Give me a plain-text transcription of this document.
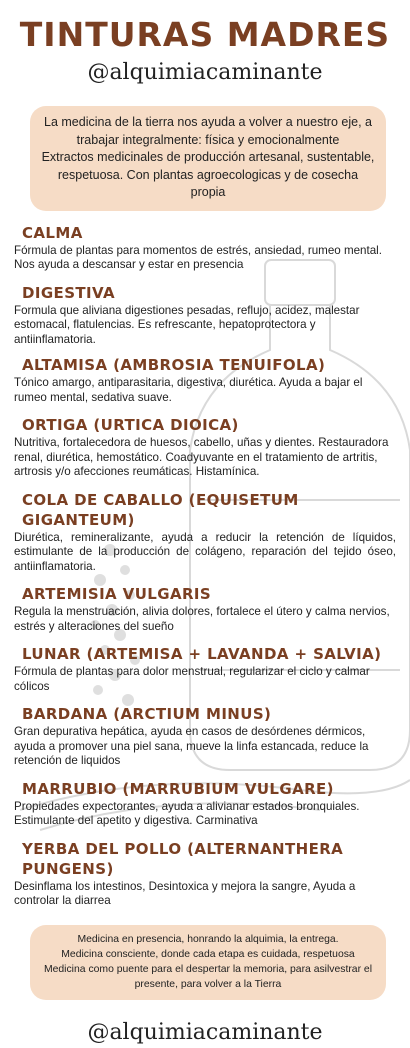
TINTURAS MADRES
@alquimiacaminante
La medicina de la tierra nos ayuda a volver a nuestro eje, a trabajar integralmente: física y emocionalmente
Extractos medicinales de producción artesanal, sustentable, respetuosa. Con plantas agroecologicas y de cosecha propia
CALMA
Fórmula de plantas para momentos de estrés, ansiedad, rumeo mental. Nos ayuda a descansar y estar en presencia
DIGESTIVA
Formula que aliviana digestiones pesadas, reflujo, acidez, malestar estomacal, flatulencias. Es refrescante, hepatoprotectora y antiinflamatoria.
ALTAMISA (AMBROSIA TENUIFOLA)
Tónico amargo, antiparasitaria, digestiva, diurética. Ayuda a bajar el rumeo mental, sedativa suave.
ORTIGA (URTICA DIOICA)
Nutritiva, fortalecedora de huesos, cabello, uñas y dientes. Restauradora renal, diurética, hemostático. Coadyuvante en el tratamiento de artritis, artrosis y/o afecciones reumáticas. Histamínica.
COLA DE CABALLO (EQUISETUM GIGANTEUM)
Diurética, remineralizante, ayuda a reducir la retención de líquidos, estimulante de la producción de colágeno, reparación del tejido óseo, antiinflamatoria.
ARTEMISIA VULGARIS
Regula la menstruación, alivia dolores, fortalece el útero y calma nervios, estrés y alteraciones del sueño
LUNAR (ARTEMISA + LAVANDA + SALVIA)
Fórmula de plantas para dolor menstrual, regularizar el ciclo y calmar cólicos
BARDANA (ARCTIUM MINUS)
Gran depurativa hepática, ayuda en casos de desórdenes dérmicos, ayuda a promover una piel sana, mueve la linfa estancada, reduce la retención de liquidos
MARRUBIO (MARRUBIUM VULGARE)
Propiedades expectorantes, ayuda a alivianar estados bronquiales. Estimulante del apetito y digestiva. Carminativa
YERBA DEL POLLO (ALTERNANTHERA PUNGENS)
Desinflama los intestinos, Desintoxica y mejora la sangre, Ayuda a controlar la diarrea
Medicina en presencia, honrando la alquimia, la entrega.
Medicina consciente, donde cada etapa es cuidada, respetuosa
Medicina como puente para el despertar la memoria, para asilvestrar el presente, para volver a la Tierra
@alquimiacaminante
